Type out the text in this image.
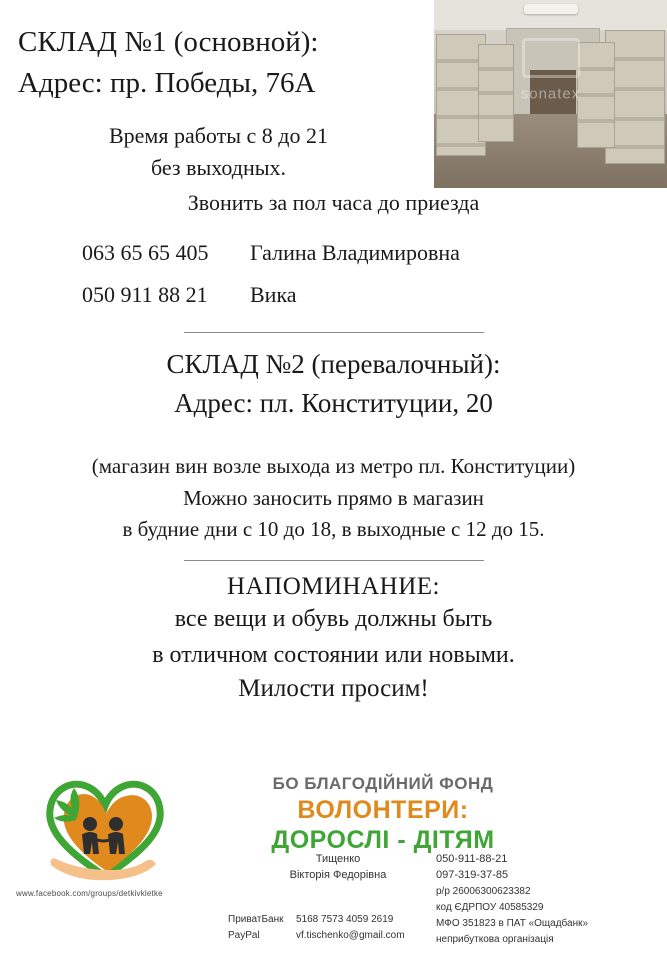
sonatex
СКЛАД №1 (основной):
Адрес: пр. Победы, 76А
Время работы с 8 до 21
без выходных.
Звонить за пол часа до приезда
063 65 65 405 Галина Владимировна
050 911 88 21 Вика
СКЛАД №2 (перевалочный):
Адрес: пл. Конституции, 20
(магазин вин возле выхода из метро пл. Конституции)
Можно заносить прямо в магазин
в будние дни с 10 до 18, в выходные с 12 до 15.
НАПОМИНАНИЕ:
все вещи и обувь должны быть
в отличном состоянии или новыми.
Милости просим!
www.facebook.com/groups/detkivkletke
БО БЛАГОДІЙНИЙ ФОНД
ВОЛОНТЕРИ:
ДОРОСЛІ - ДІТЯМ
Тищенко
Вікторія Федорівна
050-911-88-21
097-319-37-85
ПриватБанк 5168 7573 4059 2619
PayPal	vf.tischenko@gmail.com
р/р 26006300623382
код ЄДРПОУ 40585329
МФО 351823 в ПАТ «Ощадбанк»
неприбуткова організація
